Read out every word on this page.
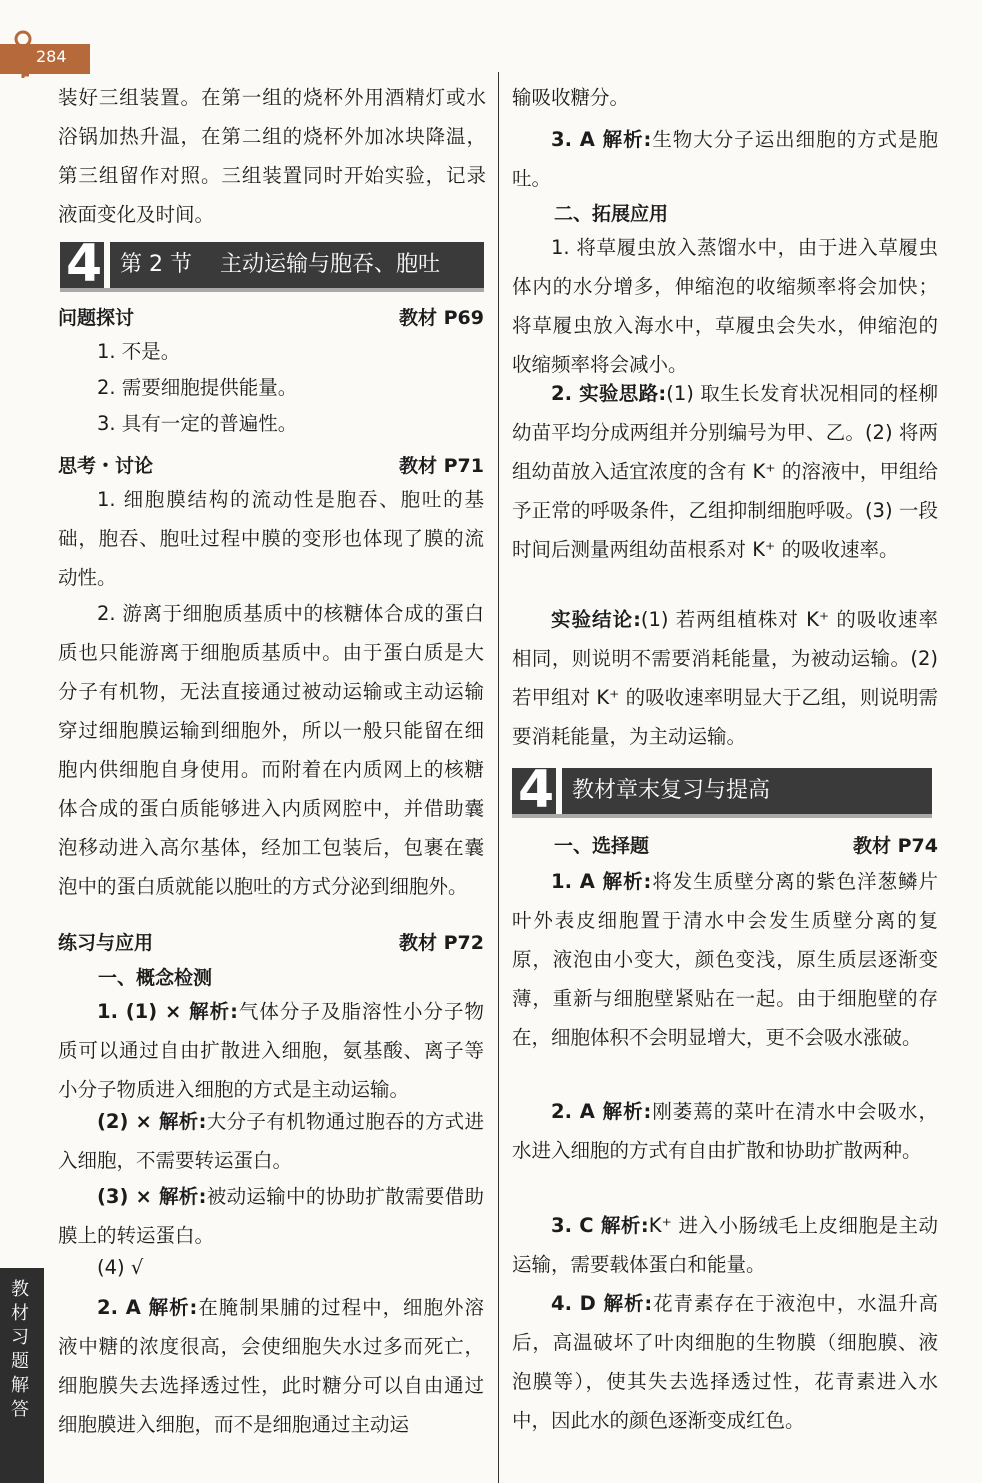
284
教材习题解答

装好三组装置。在第一组的烧杯外用酒精灯或水浴锅加热升温，在第二组的烧杯外加冰块降温，第三组留作对照。三组装置同时开始实验，记录液面变化及时间。

4 第 2 节    主动运输与胞吞、胞吐
问题探讨	教材 P69

1. 不是。

2. 需要细胞提供能量。

3. 具有一定的普遍性。

思考・讨论	教材 P71

1. 细胞膜结构的流动性是胞吞、胞吐的基础，胞吞、胞吐过程中膜的变形也体现了膜的流动性。

2. 游离于细胞质基质中的核糖体合成的蛋白质也只能游离于细胞质基质中。由于蛋白质是大分子有机物，无法直接通过被动运输或主动运输穿过细胞膜运输到细胞外，所以一般只能留在细胞内供细胞自身使用。而附着在内质网上的核糖体合成的蛋白质能够进入内质网腔中，并借助囊泡移动进入高尔基体，经加工包装后，包裹在囊泡中的蛋白质就能以胞吐的方式分泌到细胞外。

练习与应用	教材 P72
一、概念检测

1. (1) × 解析:气体分子及脂溶性小分子物质可以通过自由扩散进入细胞，氨基酸、离子等小分子物质进入细胞的方式是主动运输。

(2) × 解析:大分子有机物通过胞吞的方式进入细胞，不需要转运蛋白。

(3) × 解析:被动运输中的协助扩散需要借助膜上的转运蛋白。

(4) √

2. A 解析:在腌制果脯的过程中，细胞外溶液中糖的浓度很高，会使细胞失水过多而死亡，细胞膜失去选择透过性，此时糖分可以自由通过细胞膜进入细胞，而不是细胞通过主动运

输吸收糖分。

3. A 解析:生物大分子运出细胞的方式是胞吐。

二、拓展应用

1. 将草履虫放入蒸馏水中，由于进入草履虫体内的水分增多，伸缩泡的收缩频率将会加快；将草履虫放入海水中，草履虫会失水，伸缩泡的收缩频率将会减小。

2. 实验思路:(1) 取生长发育状况相同的柽柳幼苗平均分成两组并分别编号为甲、乙。(2) 将两组幼苗放入适宜浓度的含有 K⁺ 的溶液中，甲组给予正常的呼吸条件，乙组抑制细胞呼吸。(3) 一段时间后测量两组幼苗根系对 K⁺ 的吸收速率。

实验结论:(1) 若两组植株对 K⁺ 的吸收速率相同，则说明不需要消耗能量，为被动运输。(2) 若甲组对 K⁺ 的吸收速率明显大于乙组，则说明需要消耗能量，为主动运输。

4 教材章末复习与提高
一、选择题	教材 P74

1. A 解析:将发生质壁分离的紫色洋葱鳞片叶外表皮细胞置于清水中会发生质壁分离的复原，液泡由小变大，颜色变浅，原生质层逐渐变薄，重新与细胞壁紧贴在一起。由于细胞壁的存在，细胞体积不会明显增大，更不会吸水涨破。

2. A 解析:刚萎蔫的菜叶在清水中会吸水，水进入细胞的方式有自由扩散和协助扩散两种。

3. C 解析:K⁺ 进入小肠绒毛上皮细胞是主动运输，需要载体蛋白和能量。

4. D 解析:花青素存在于液泡中，水温升高后，高温破坏了叶肉细胞的生物膜（细胞膜、液泡膜等），使其失去选择透过性，花青素进入水中，因此水的颜色逐渐变成红色。
